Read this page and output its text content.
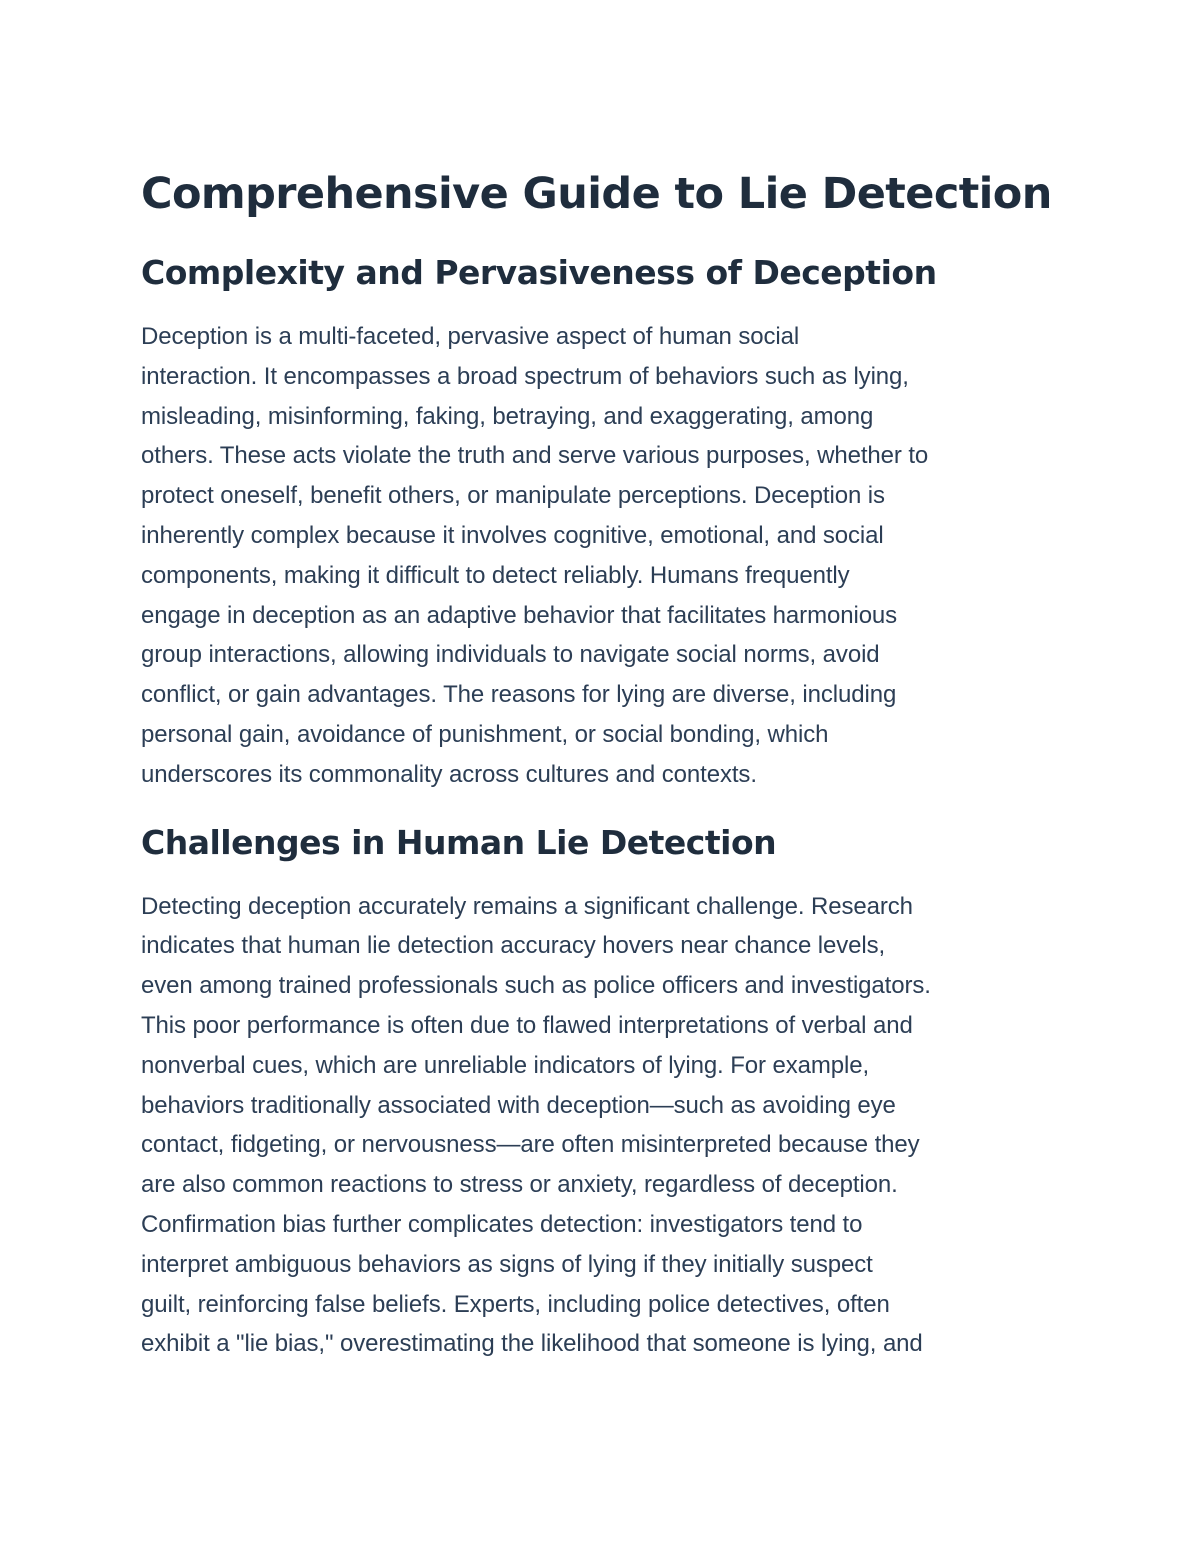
Comprehensive Guide to Lie Detection
Complexity and Pervasiveness of Deception

Deception is a multi-faceted, pervasive aspect of human social
interaction. It encompasses a broad spectrum of behaviors such as lying,
misleading, misinforming, faking, betraying, and exaggerating, among
others. These acts violate the truth and serve various purposes, whether to
protect oneself, benefit others, or manipulate perceptions. Deception is
inherently complex because it involves cognitive, emotional, and social
components, making it difficult to detect reliably. Humans frequently
engage in deception as an adaptive behavior that facilitates harmonious
group interactions, allowing individuals to navigate social norms, avoid
conflict, or gain advantages. The reasons for lying are diverse, including
personal gain, avoidance of punishment, or social bonding, which
underscores its commonality across cultures and contexts.

Challenges in Human Lie Detection

Detecting deception accurately remains a significant challenge. Research
indicates that human lie detection accuracy hovers near chance levels,
even among trained professionals such as police officers and investigators.
This poor performance is often due to flawed interpretations of verbal and
nonverbal cues, which are unreliable indicators of lying. For example,
behaviors traditionally associated with deception—such as avoiding eye
contact, fidgeting, or nervousness—are often misinterpreted because they
are also common reactions to stress or anxiety, regardless of deception.
Confirmation bias further complicates detection: investigators tend to
interpret ambiguous behaviors as signs of lying if they initially suspect
guilt, reinforcing false beliefs. Experts, including police detectives, often
exhibit a "lie bias," overestimating the likelihood that someone is lying, and
